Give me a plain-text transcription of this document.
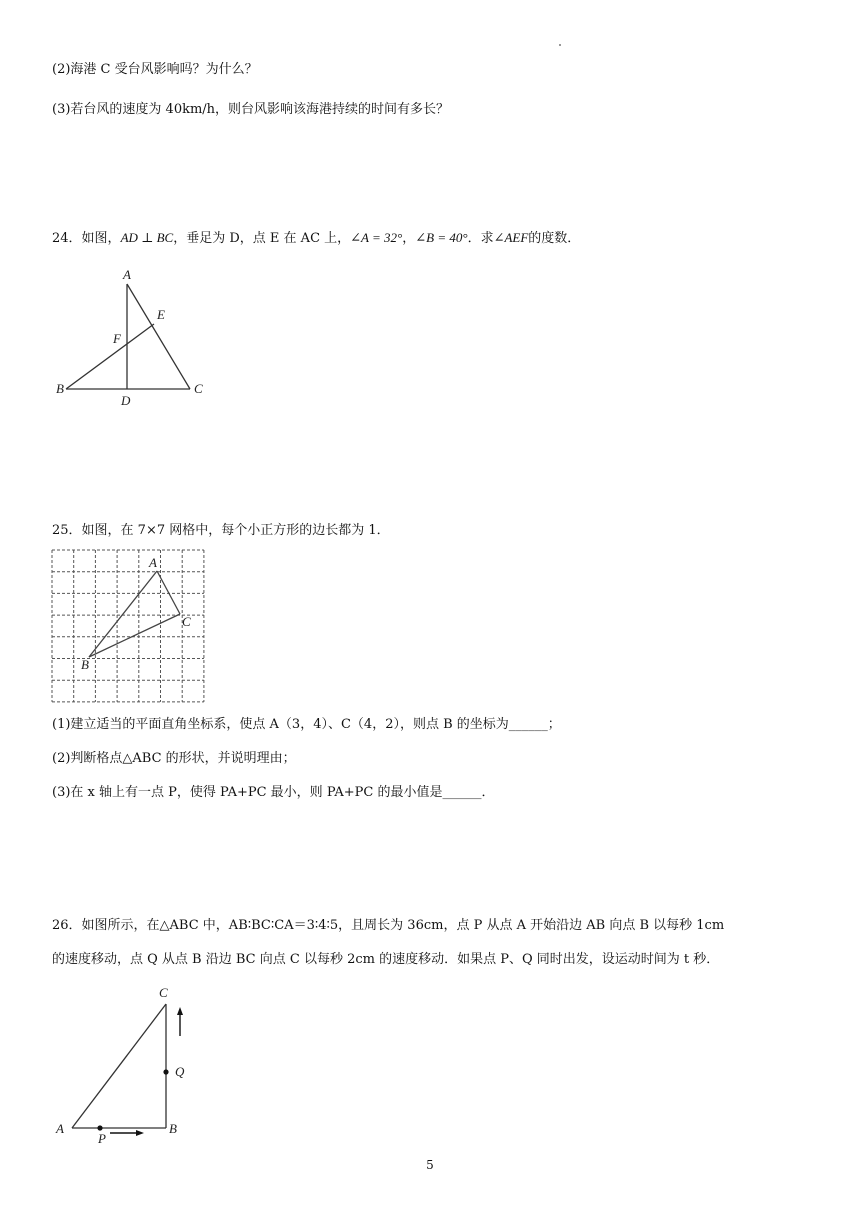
(2)海港 C 受台风影响吗？为什么？
(3)若台风的速度为 40km/h，则台风影响该海港持续的时间有多长？
24．如图，AD ⊥ BC，垂足为 D，点 E 在 AC 上，∠A = 32°，∠B = 40°．求∠AEF的度数．
A
E
F
B	C
D
25．如图，在 7×7 网格中，每个小正方形的边长都为 1．
A
C
B
(1)建立适当的平面直角坐标系，使点 A（3，4）、C（4，2），则点 B 的坐标为______；
(2)判断格点△ABC 的形状，并说明理由；
(3)在 x 轴上有一点 P，使得 PA+PC 最小，则 PA+PC 的最小值是______．
26．如图所示，在△ABC 中，AB∶BC∶CA＝3∶4∶5，且周长为 36cm，点 P 从点 A 开始沿边 AB 向点 B 以每秒 1cm
的速度移动，点 Q 从点 B 沿边 BC 向点 C 以每秒 2cm 的速度移动．如果点 P、Q 同时出发，设运动时间为 t 秒．
C
Q
A	B
P
5
